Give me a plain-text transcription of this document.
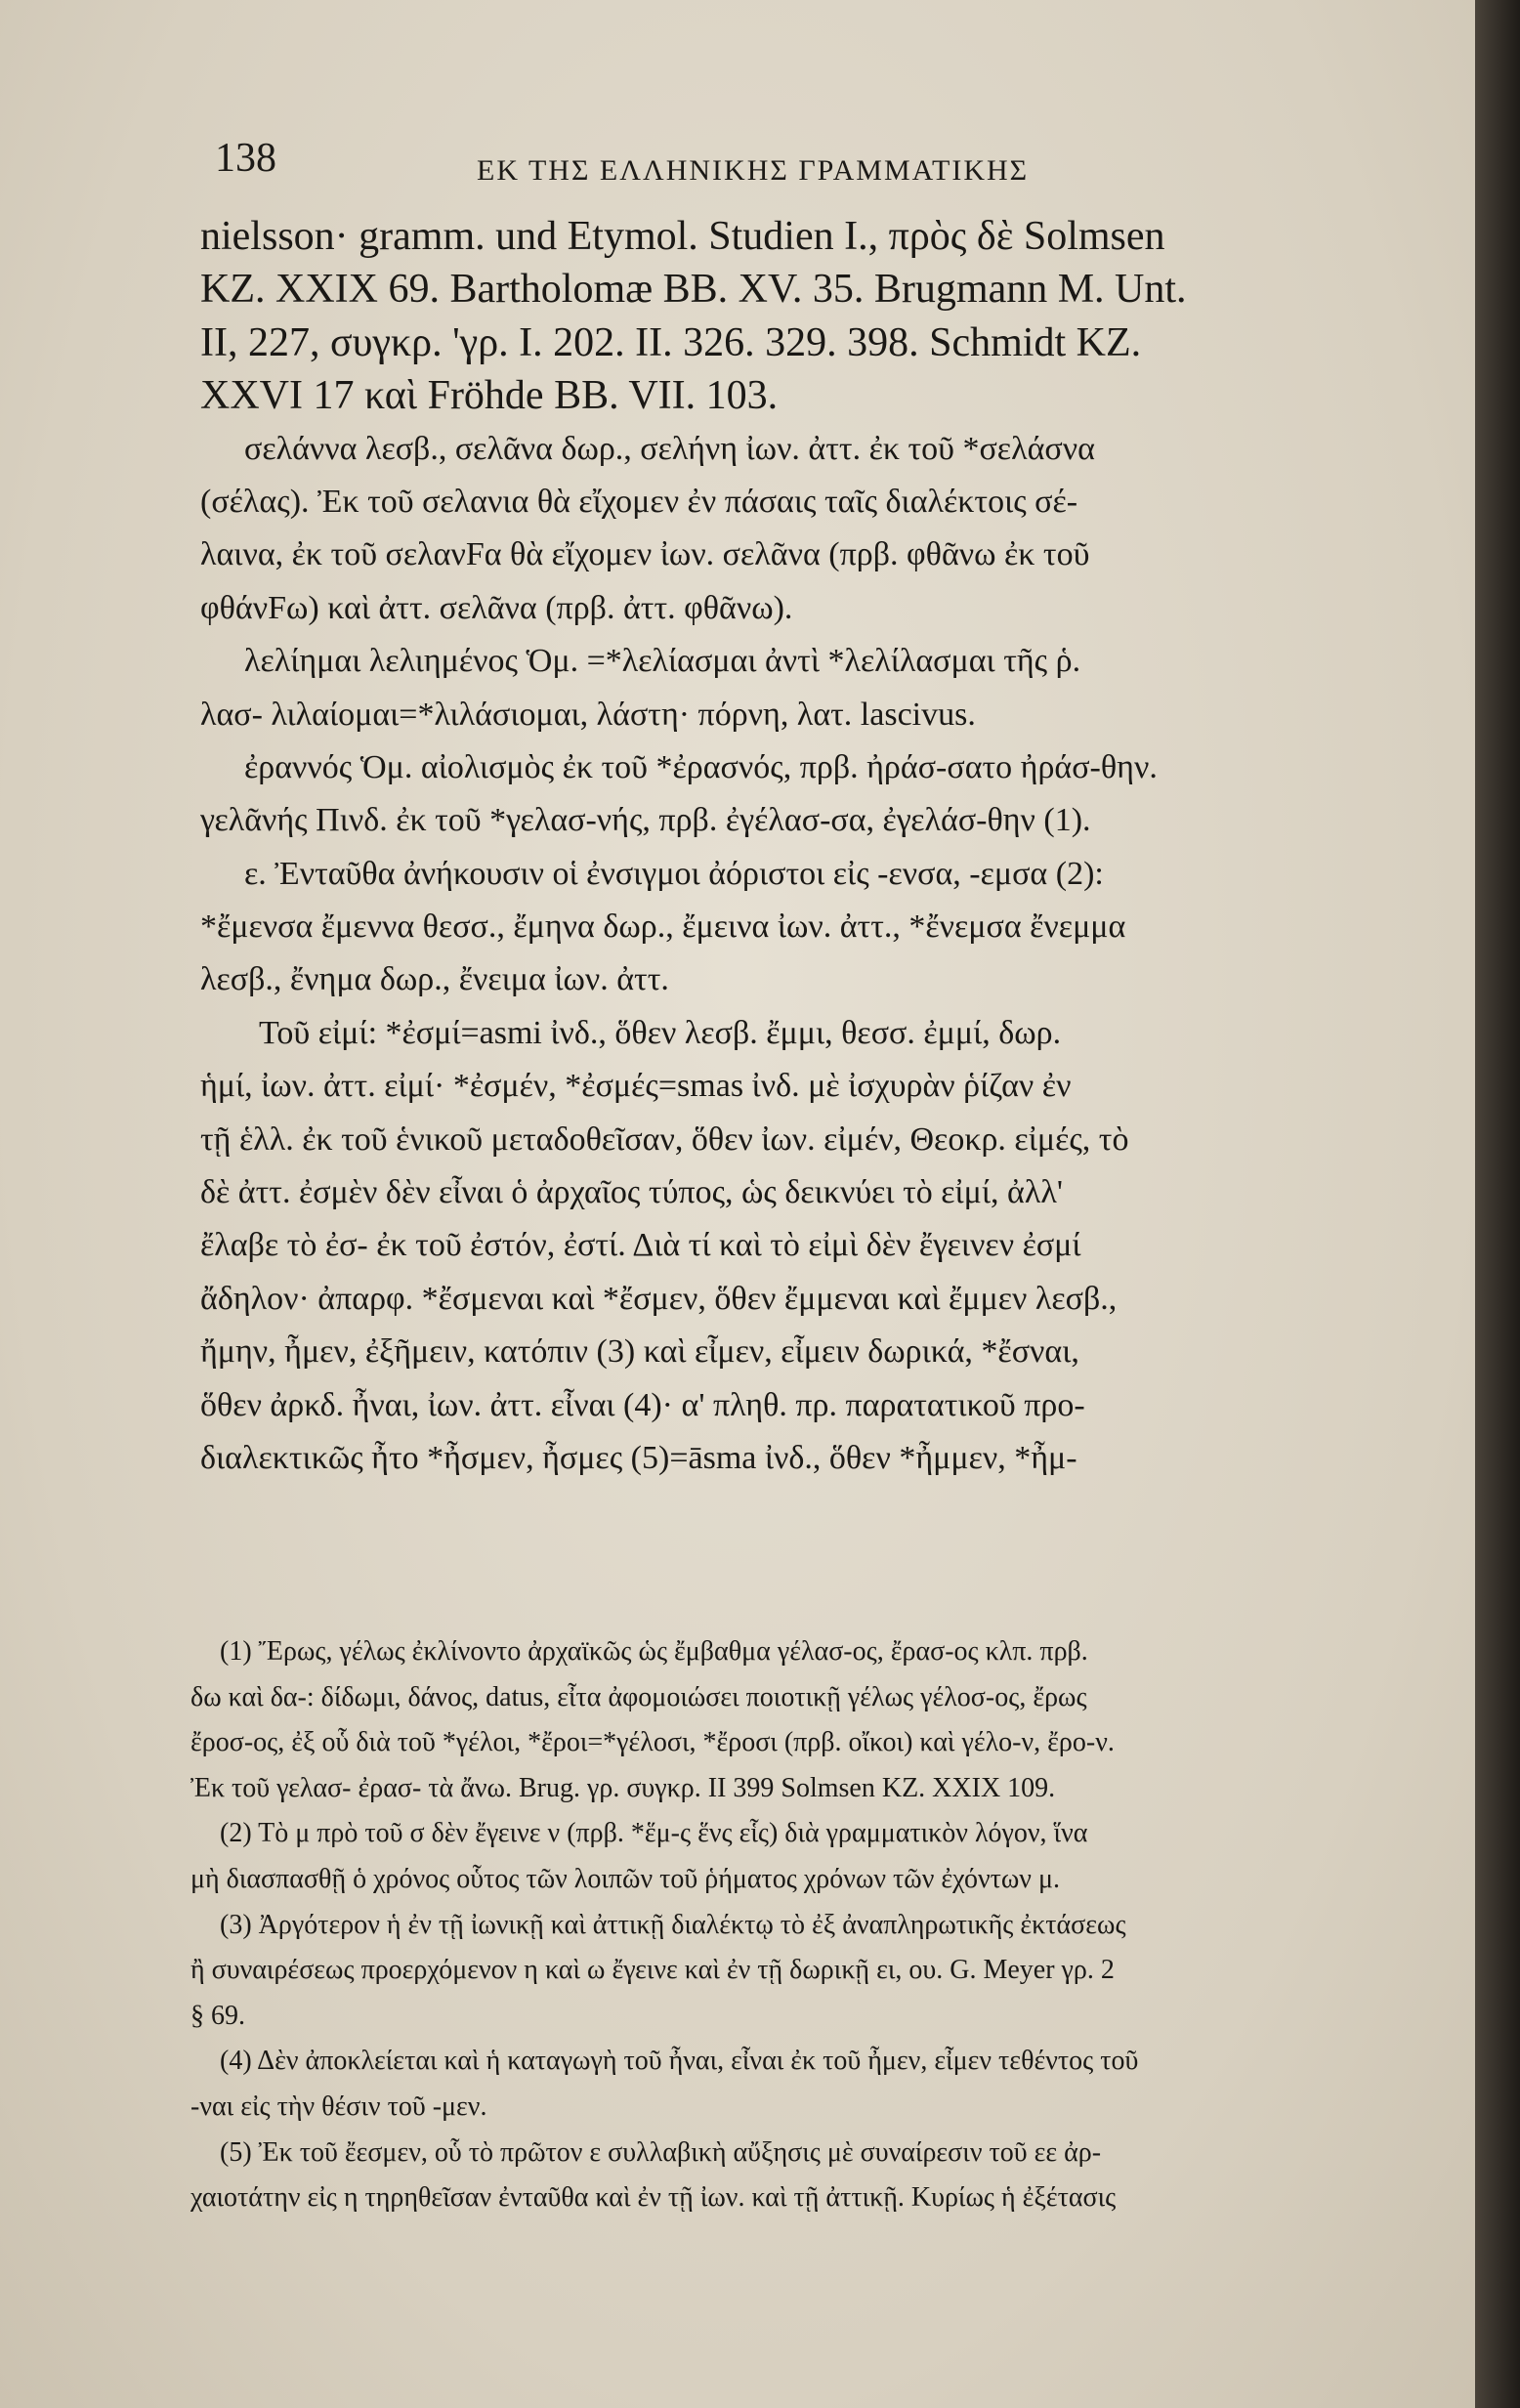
138	ΕΚ ΤΗΣ ΕΛΛΗΝΙΚΗΣ ΓΡΑΜΜΑΤΙΚΗΣ
nielsson· gramm. und Etymol. Studien I., πρὸς δὲ Solmsen
KZ. XXIX 69. Bartholomæ BB. XV. 35. Brugmann M. Unt.
II, 227, συγκρ. 'γρ. I. 202. II. 326. 329. 398. Schmidt KZ.
XXVI 17 καὶ Fröhde BB. VII. 103.
σελάννα λεσβ., σελᾶνα δωρ., σελήνη ἰων. ἀττ. ἐκ τοῦ *σελάσνα
(σέλας). Ἐκ τοῦ σελανια θὰ εἴχομεν ἐν πάσαις ταῖς διαλέκτοις σέ-
λαινα, ἐκ τοῦ σελανFα θὰ εἴχομεν ἰων. σελᾶνα (πρβ. φθᾶνω ἐκ τοῦ
φθάνFω) καὶ ἀττ. σελᾶνα (πρβ. ἀττ. φθᾶνω).
λελίημαι λελιημένος Ὁμ. =*λελίασμαι ἀντὶ *λελίλασμαι τῆς ῥ.
λασ- λιλαίομαι=*λιλάσιομαι, λάστη· πόρνη, λατ. lascivus.
ἐραννός Ὁμ. αἰολισμὸς ἐκ τοῦ *ἐρασνός, πρβ. ἠράσ-σατο ἠράσ-θην.
γελᾶνής Πινδ. ἐκ τοῦ *γελασ-νής, πρβ. ἐγέλασ-σα, ἐγελάσ-θην (1).
ε. Ἐνταῦθα ἀνήκουσιν οἱ ἐνσιγμοι ἀόριστοι εἰς -ενσα, -εμσα (2):
*ἔμενσα ἔμεννα θεσσ., ἔμηνα δωρ., ἔμεινα ἰων. ἀττ., *ἔνεμσα ἔνεμμα
λεσβ., ἔνημα δωρ., ἔνειμα ἰων. ἀττ.
Τοῦ εἰμί: *ἐσμί=asmi ἰνδ., ὅθεν λεσβ. ἔμμι, θεσσ. ἐμμί, δωρ.
ἡμί, ἰων. ἀττ. εἰμί· *ἐσμέν, *ἐσμές=smas ἰνδ. μὲ ἰσχυρὰν ῥίζαν ἐν
τῇ ἑλλ. ἐκ τοῦ ἑνικοῦ μεταδοθεῖσαν, ὅθεν ἰων. εἰμέν, Θεοκρ. εἰμές, τὸ
δὲ ἀττ. ἐσμὲν δὲν εἶναι ὁ ἀρχαῖος τύπος, ὡς δεικνύει τὸ εἰμί, ἀλλ'
ἔλαβε τὸ ἐσ- ἐκ τοῦ ἐστόν, ἐστί. Διὰ τί καὶ τὸ εἰμὶ δὲν ἔγεινεν ἐσμί
ἄδηλον· ἀπαρφ. *ἔσμεναι καὶ *ἔσμεν, ὅθεν ἔμμεναι καὶ ἔμμεν λεσβ.,
ἤμην, ἦμεν, ἐξῆμειν, κατόπιν (3) καὶ εἶμεν, εἶμειν δωρικά, *ἔσναι,
ὅθεν ἀρκδ. ἦναι, ἰων. ἀττ. εἶναι (4)· α' πληθ. πρ. παρατατικοῦ προ-
διαλεκτικῶς ἦτο *ἦσμεν, ἦσμες (5)=āsma ἰνδ., ὅθεν *ἦμμεν, *ἦμ-
(1) Ἔρως, γέλως ἐκλίνοντο ἀρχαϊκῶς ὡς ἔμβαθμα γέλασ-ος, ἔρασ-ος κλπ. πρβ.
δω καὶ δα-: δίδωμι, δάνος, datus, εἶτα ἀφομοιώσει ποιοτικῇ γέλως γέλοσ-ος, ἔρως
ἔροσ-ος, ἐξ οὗ διὰ τοῦ *γέλοι, *ἔροι=*γέλοσι, *ἔροσι (πρβ. οἴκοι) καὶ γέλο-ν, ἔρο-ν.
Ἐκ τοῦ γελασ- ἐρασ- τὰ ἄνω. Brug. γρ. συγκρ. II 399 Solmsen KZ. XXIX 109.
(2) Τὸ μ πρὸ τοῦ σ δὲν ἔγεινε ν (πρβ. *ἕμ-ς ἕνς εἷς) διὰ γραμματικὸν λόγον, ἵνα
μὴ διασπασθῇ ὁ χρόνος οὗτος τῶν λοιπῶν τοῦ ῥήματος χρόνων τῶν ἐχόντων μ.
(3) Ἀργότερον ἡ ἐν τῇ ἰωνικῇ καὶ ἀττικῇ διαλέκτῳ τὸ ἐξ ἀναπληρωτικῆς ἐκτάσεως
ἢ συναιρέσεως προερχόμενον η καὶ ω ἔγεινε καὶ ἐν τῇ δωρικῇ ει, ου. G. Meyer γρ. 2
§ 69.
(4) Δὲν ἀποκλείεται καὶ ἡ καταγωγὴ τοῦ ἦναι, εἶναι ἐκ τοῦ ἦμεν, εἶμεν τεθέντος τοῦ
-ναι εἰς τὴν θέσιν τοῦ -μεν.
(5) Ἐκ τοῦ ἔεσμεν, οὗ τὸ πρῶτον ε συλλαβικὴ αὔξησις μὲ συναίρεσιν τοῦ εε ἀρ-
χαιοτάτην εἰς η τηρηθεῖσαν ἐνταῦθα καὶ ἐν τῇ ἰων. καὶ τῇ ἀττικῇ. Κυρίως ἡ ἐξέτασις
